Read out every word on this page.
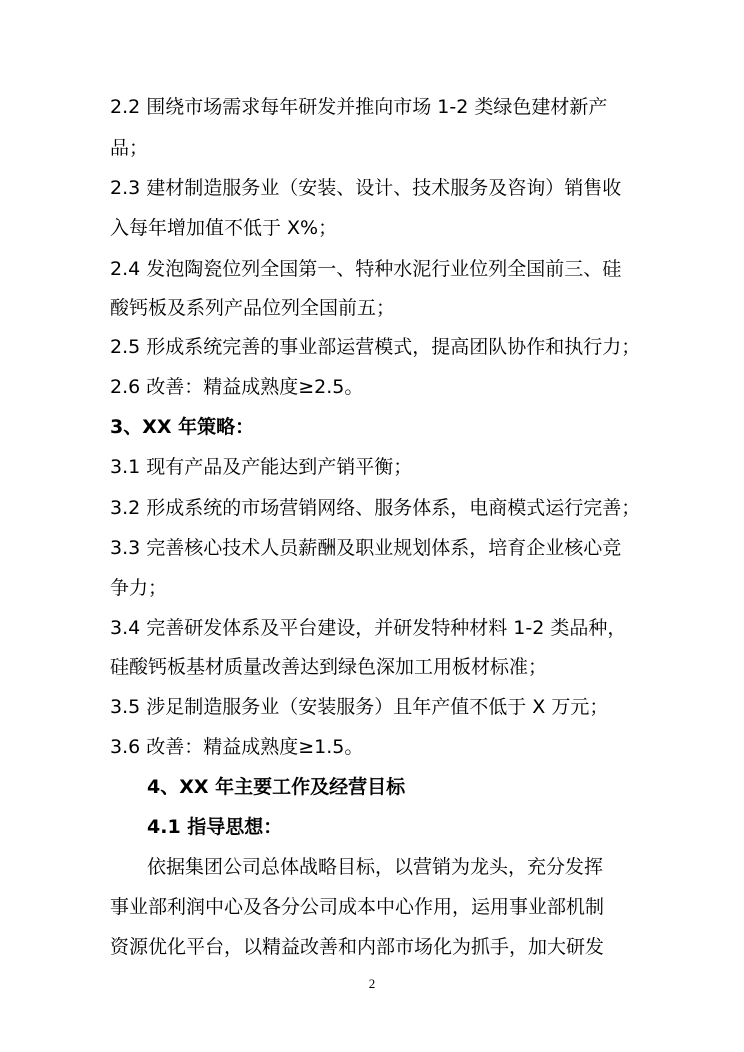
2.2 围绕市场需求每年研发并推向市场 1-2 类绿色建材新产
品；
2.3 建材制造服务业（安装、设计、技术服务及咨询）销售收
入每年增加值不低于 X%；
2.4 发泡陶瓷位列全国第一、特种水泥行业位列全国前三、硅
酸钙板及系列产品位列全国前五；
2.5 形成系统完善的事业部运营模式，提高团队协作和执行力；
2.6 改善：精益成熟度≥2.5。
3、XX 年策略：
3.1 现有产品及产能达到产销平衡；
3.2 形成系统的市场营销网络、服务体系，电商模式运行完善；
3.3 完善核心技术人员薪酬及职业规划体系，培育企业核心竞
争力；
3.4 完善研发体系及平台建设，并研发特种材料 1-2 类品种，
硅酸钙板基材质量改善达到绿色深加工用板材标准；
3.5 涉足制造服务业（安装服务）且年产值不低于 X 万元；
3.6 改善：精益成熟度≥1.5。
4、XX 年主要工作及经营目标
4.1 指导思想：
依据集团公司总体战略目标，以营销为龙头，充分发挥
事业部利润中心及各分公司成本中心作用，运用事业部机制
资源优化平台，以精益改善和内部市场化为抓手，加大研发
2
